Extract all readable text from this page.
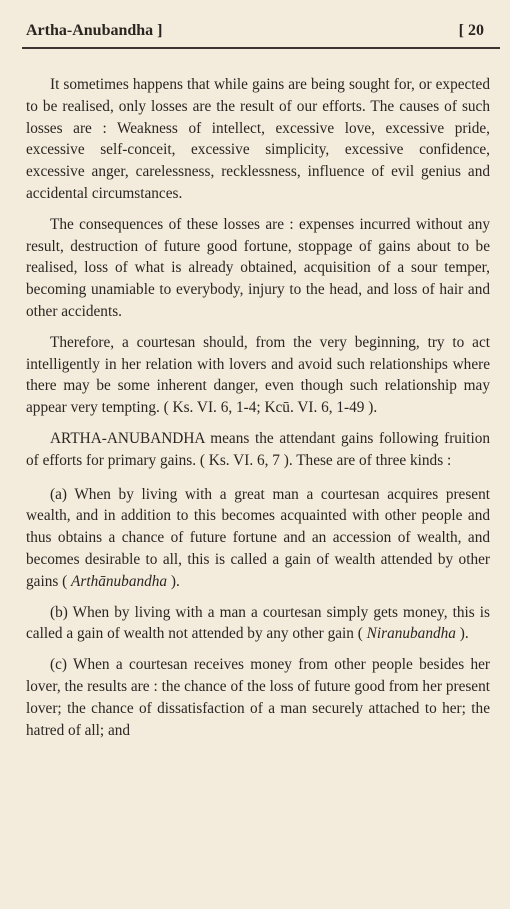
Artha-Anubandha ]	[ 20

It sometimes happens that while gains are being sought for, or expected to be realised, only losses are the result of our efforts. The causes of such losses are : Weakness of intellect, excessive love, excessive pride, excessive self-conceit, excessive simplicity, excessive confidence, excessive anger, carelessness, recklessness, influence of evil genius and accidental circumstances.

The consequences of these losses are : expenses incurred without any result, destruction of future good fortune, stoppage of gains about to be realised, loss of what is already obtained, acquisition of a sour temper, becoming unamiable to everybody, injury to the head, and loss of hair and other accidents.

Therefore, a courtesan should, from the very beginning, try to act intelligently in her relation with lovers and avoid such relationships where there may be some inherent danger, even though such relationship may appear very tempting. ( Ks. VI. 6, 1-4; Kcū. VI. 6, 1-49 ).

ARTHA-ANUBANDHA means the attendant gains following fruition of efforts for primary gains. ( Ks. VI. 6, 7 ). These are of three kinds :

(a) When by living with a great man a courtesan acquires present wealth, and in addition to this becomes acquainted with other people and thus obtains a chance of future fortune and an accession of wealth, and becomes desirable to all, this is called a gain of wealth attended by other gains ( Arthānubandha ).

(b) When by living with a man a courtesan simply gets money, this is called a gain of wealth not attended by any other gain ( Niranubandha ).

(c) When a courtesan receives money from other people besides her lover, the results are : the chance of the loss of future good from her present lover; the chance of dissatisfaction of a man securely attached to her; the hatred of all; and
